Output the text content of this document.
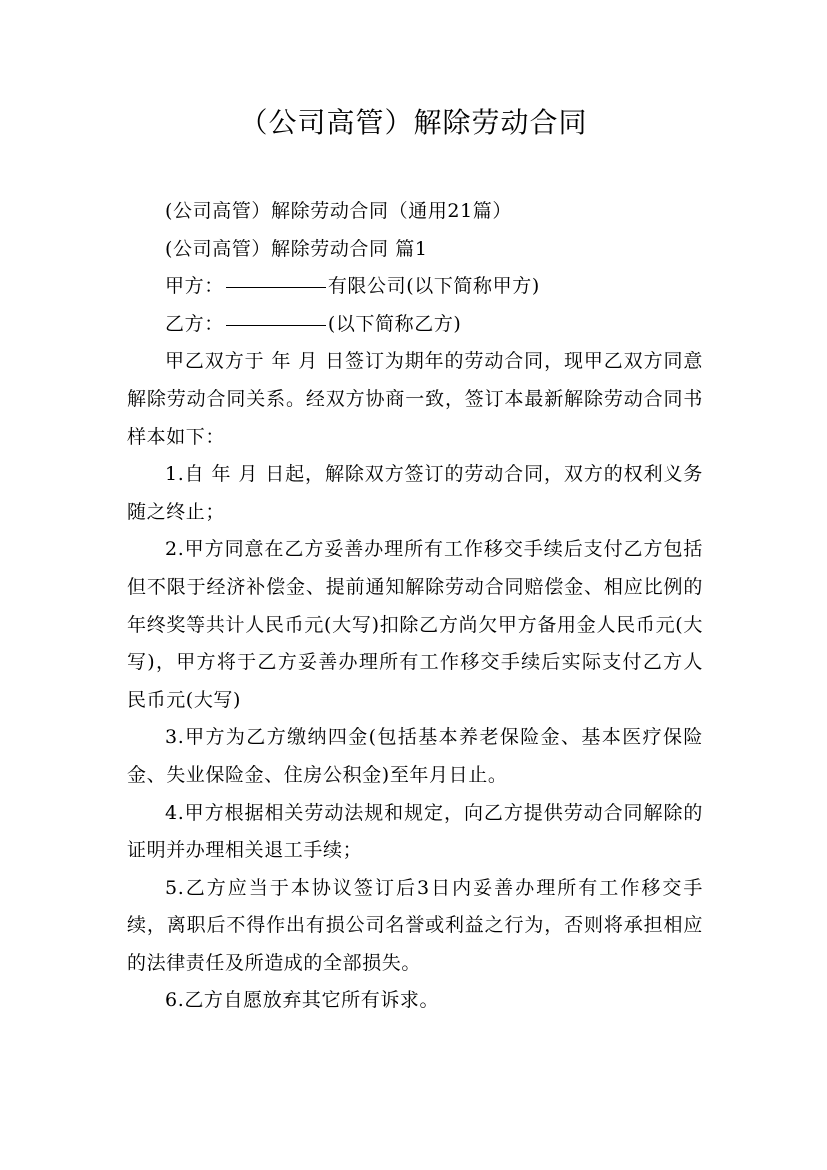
（公司高管）解除劳动合同

(公司高管）解除劳动合同（通用21篇）

(公司高管）解除劳动合同 篇1

甲方：	有限公司(以下简称甲方)

乙方：	(以下简称乙方)

甲乙双方于 年 月 日签订为期年的劳动合同，现甲乙双方同意解除劳动合同关系。经双方协商一致，签订本最新解除劳动合同书样本如下：

1.自 年 月 日起，解除双方签订的劳动合同，双方的权利义务随之终止；

2.甲方同意在乙方妥善办理所有工作移交手续后支付乙方包括但不限于经济补偿金、提前通知解除劳动合同赔偿金、相应比例的年终奖等共计人民币元(大写)扣除乙方尚欠甲方备用金人民币元(大写)，甲方将于乙方妥善办理所有工作移交手续后实际支付乙方人民币元(大写)

3.甲方为乙方缴纳四金(包括基本养老保险金、基本医疗保险金、失业保险金、住房公积金)至年月日止。

4.甲方根据相关劳动法规和规定，向乙方提供劳动合同解除的证明并办理相关退工手续；

5.乙方应当于本协议签订后3日内妥善办理所有工作移交手续，离职后不得作出有损公司名誉或利益之行为，否则将承担相应的法律责任及所造成的全部损失。

6.乙方自愿放弃其它所有诉求。
